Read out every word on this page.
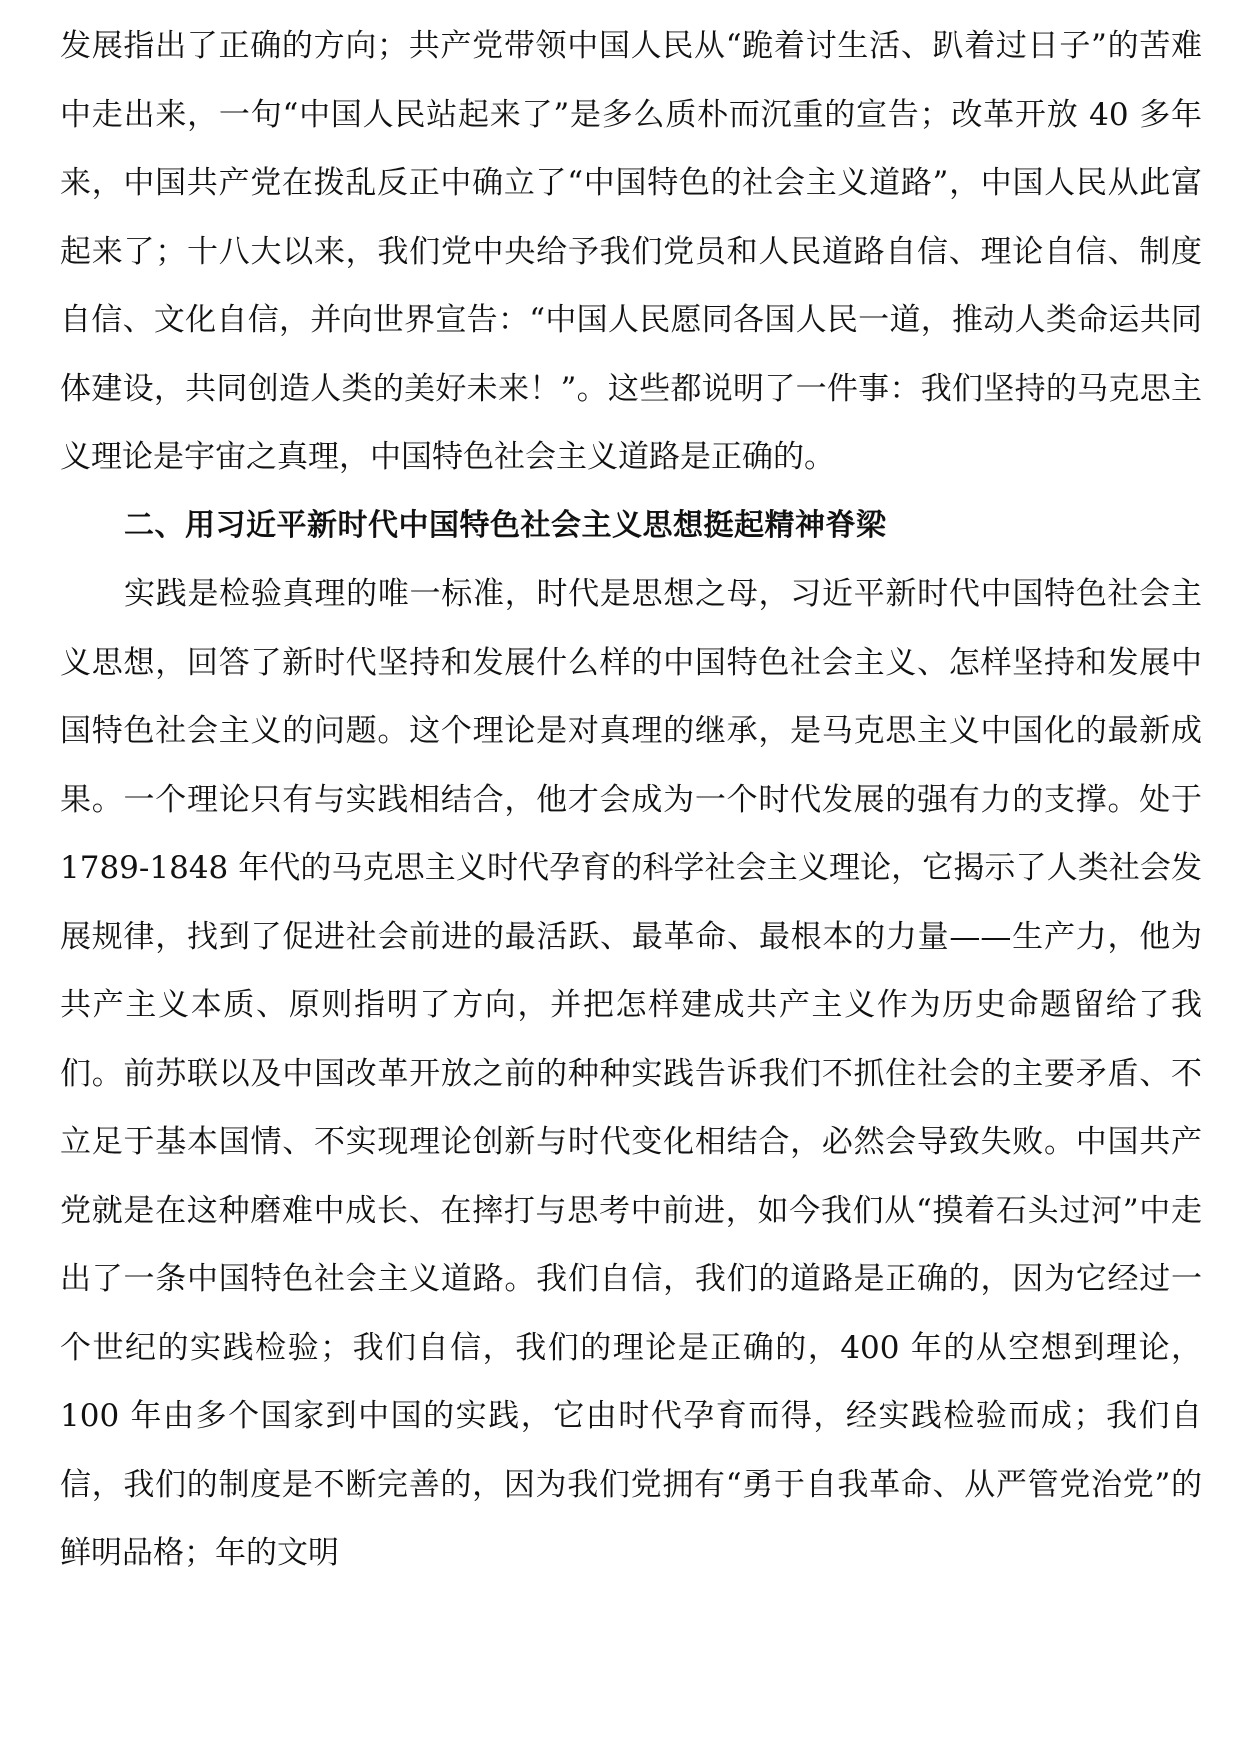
发展指出了正确的方向；共产党带领中国人民从“跪着讨生活、趴着过日子”的苦难中走出来，一句“中国人民站起来了”是多么质朴而沉重的宣告；改革开放 40 多年来，中国共产党在拨乱反正中确立了“中国特色的社会主义道路”，中国人民从此富起来了；十八大以来，我们党中央给予我们党员和人民道路自信、理论自信、制度自信、文化自信，并向世界宣告：“中国人民愿同各国人民一道，推动人类命运共同体建设，共同创造人类的美好未来！”。这些都说明了一件事：我们坚持的马克思主义理论是宇宙之真理，中国特色社会主义道路是正确的。

二、用习近平新时代中国特色社会主义思想挺起精神脊梁

实践是检验真理的唯一标准，时代是思想之母，习近平新时代中国特色社会主义思想，回答了新时代坚持和发展什么样的中国特色社会主义、怎样坚持和发展中国特色社会主义的问题。这个理论是对真理的继承，是马克思主义中国化的最新成果。一个理论只有与实践相结合，他才会成为一个时代发展的强有力的支撑。处于 1789-1848 年代的马克思主义时代孕育的科学社会主义理论，它揭示了人类社会发展规律，找到了促进社会前进的最活跃、最革命、最根本的力量——生产力，他为共产主义本质、原则指明了方向，并把怎样建成共产主义作为历史命题留给了我们。前苏联以及中国改革开放之前的种种实践告诉我们不抓住社会的主要矛盾、不立足于基本国情、不实现理论创新与时代变化相结合，必然会导致失败。中国共产党就是在这种磨难中成长、在摔打与思考中前进，如今我们从“摸着石头过河”中走出了一条中国特色社会主义道路。我们自信，我们的道路是正确的，因为它经过一个世纪的实践检验；我们自信，我们的理论是正确的，400 年的从空想到理论，100 年由多个国家到中国的实践，它由时代孕育而得，经实践检验而成；我们自信，我们的制度是不断完善的，因为我们党拥有“勇于自我革命、从严管党治党”的鲜明品格；年的文明
